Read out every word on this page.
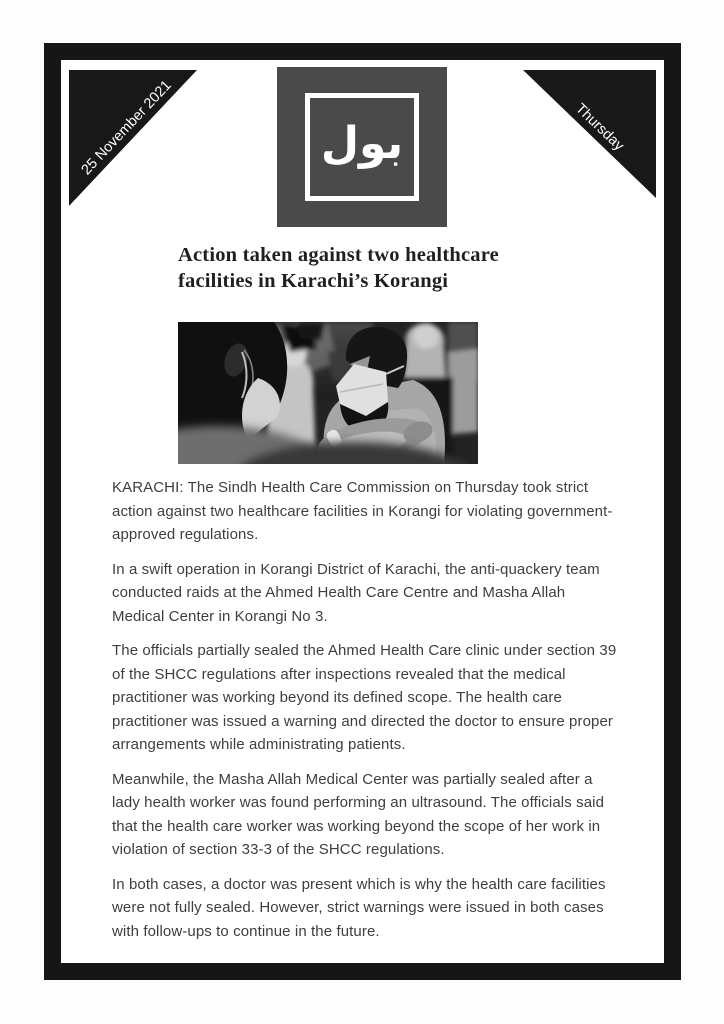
25 November 2021	Thursday
بول
Action taken against two healthcare facilities in Karachi’s Korangi

KARACHI: The Sindh Health Care Commission on Thursday took strict action against two healthcare facilities in Korangi for violating government-approved regulations.

In a swift operation in Korangi District of Karachi, the anti-quackery team conducted raids at the Ahmed Health Care Centre and Masha Allah Medical Center in Korangi No 3.

The officials partially sealed the Ahmed Health Care clinic under section 39 of the SHCC regulations after inspections revealed that the medical practitioner was working beyond its defined scope. The health care practitioner was issued a warning and directed the doctor to ensure proper arrangements while administrating patients.

Meanwhile, the Masha Allah Medical Center was partially sealed after a lady health worker was found performing an ultrasound. The officials said that the health care worker was working beyond the scope of her work in violation of section 33-3 of the SHCC regulations.

In both cases, a doctor was present which is why the health care facilities were not fully sealed. However, strict warnings were issued in both cases with follow-ups to continue in the future.
